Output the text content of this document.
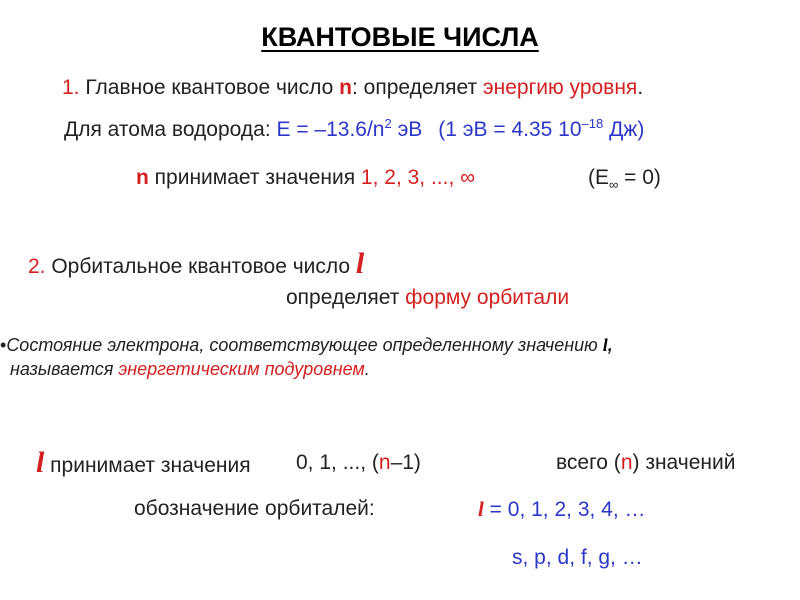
КВАНТОВЫЕ ЧИСЛА
1. Главное квантовое число n: определяет энергию уровня.
Для атома водорода: $E = -13.6/n^2$ эВ (1 эВ = 4.35 $10^{-18}$ Дж)
n принимает значения 1, 2, 3, ..., ∞	$(E_\infty = 0)$
2. Орбитальное квантовое число l
определяет форму орбитали
•Состояние электрона, соответствующее определенному значению l,
называется энергетическим подуровнем.
l принимает значения 0, 1, ..., (n–1)	всего (n) значений
обозначение орбиталей:	l = 0, 1, 2, 3, 4, …
s, p, d, f, g, …
